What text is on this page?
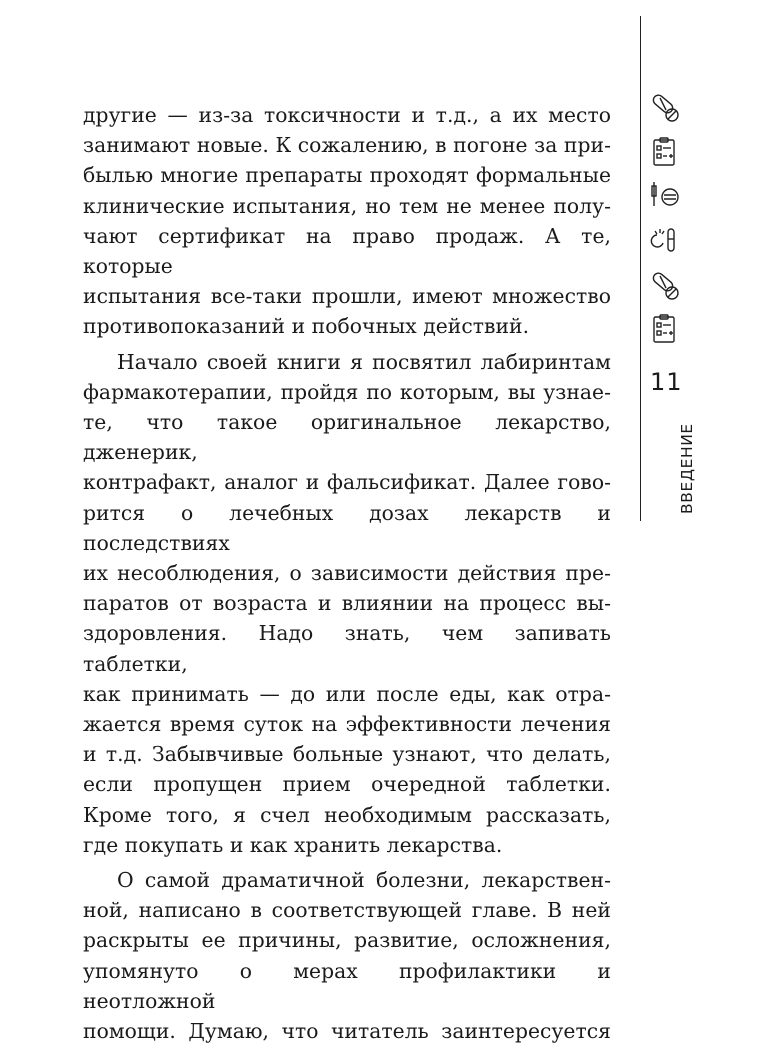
другие — из-за токсичности и т.д., а их место
занимают новые. К сожалению, в погоне за при-
былью многие препараты проходят формальные
клинические испытания, но тем не менее полу-
чают сертификат на право продаж. А те, которые
испытания все-таки прошли, имеют множество
противопоказаний и побочных действий.

Начало своей книги я посвятил лабиринтам
фармакотерапии, пройдя по которым, вы узнае-
те, что такое оригинальное лекарство, дженерик,
контрафакт, аналог и фальсификат. Далее гово-
рится о лечебных дозах лекарств и последствиях
их несоблюдения, о зависимости действия пре-
паратов от возраста и влиянии на процесс вы-
здоровления. Надо знать, чем запивать таблетки,
как принимать — до или после еды, как отра-
жается время суток на эффективности лечения
и т.д. Забывчивые больные узнают, что делать,
если пропущен прием очередной таблетки.
Кроме того, я счел необходимым рассказать,
где покупать и как хранить лекарства.

О самой драматичной болезни, лекарствен-
ной, написано в соответствующей главе. В ней
раскрыты ее причины, развитие, осложнения,
упомянуто о мерах профилактики и неотложной
помощи. Думаю, что читатель заинтересуется

11
ВВЕДЕНИЕ
